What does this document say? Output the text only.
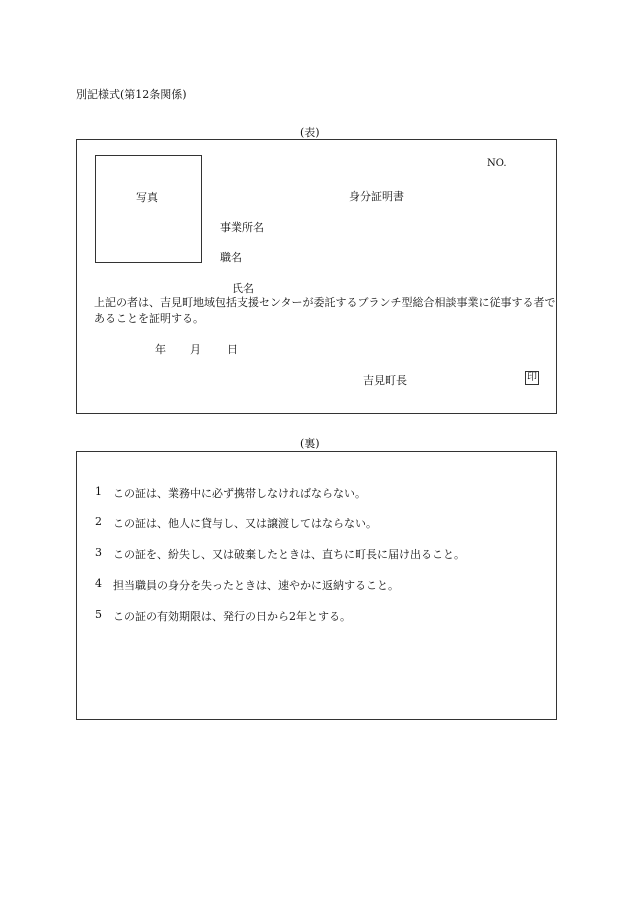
別記様式(第12条関係)
(表)
NO.
写真	身分証明書
事業所名
職名
氏名
上記の者は、吉見町地域包括支援センターが委託するブランチ型総合相談事業に従事する者であることを証明する。
年 月 日
吉見町長	印
(裏)
1 この証は、業務中に必ず携帯しなければならない。
2 この証は、他人に貸与し、又は譲渡してはならない。
3 この証を、紛失し、又は破棄したときは、直ちに町長に届け出ること。
4 担当職員の身分を失ったときは、速やかに返納すること。
5 この証の有効期限は、発行の日から2年とする。
